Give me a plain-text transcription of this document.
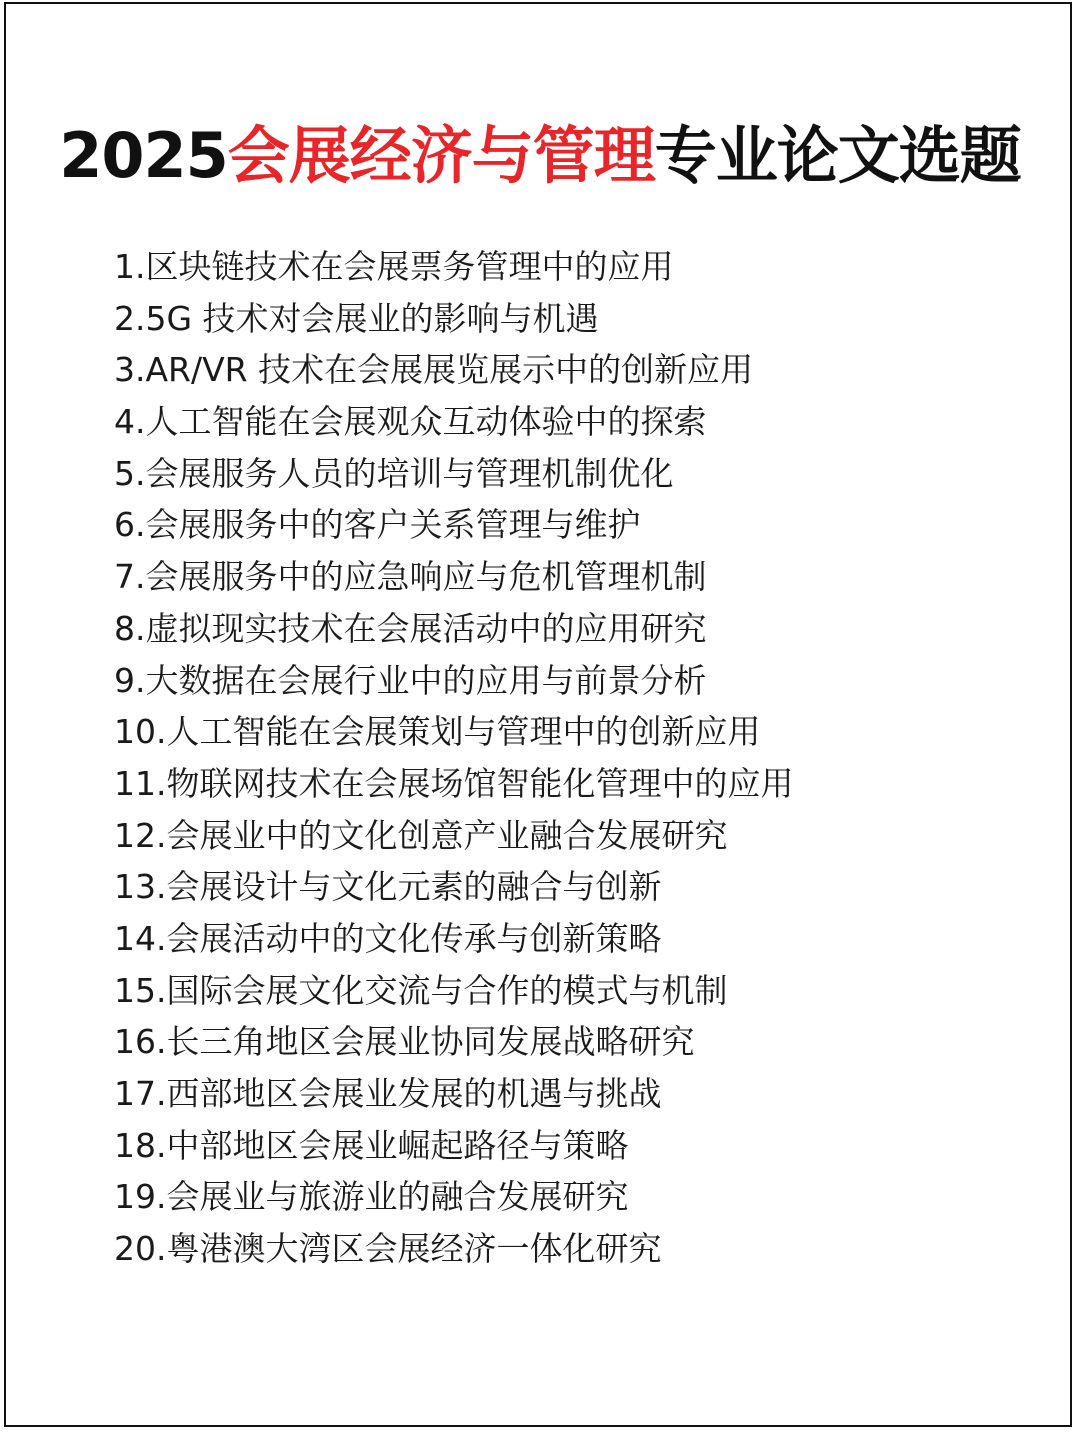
2025会展经济与管理专业论文选题
1.区块链技术在会展票务管理中的应用
2.5G 技术对会展业的影响与机遇
3.AR/VR 技术在会展展览展示中的创新应用
4.人工智能在会展观众互动体验中的探索
5.会展服务人员的培训与管理机制优化
6.会展服务中的客户关系管理与维护
7.会展服务中的应急响应与危机管理机制
8.虚拟现实技术在会展活动中的应用研究
9.大数据在会展行业中的应用与前景分析
10.人工智能在会展策划与管理中的创新应用
11.物联网技术在会展场馆智能化管理中的应用
12.会展业中的文化创意产业融合发展研究
13.会展设计与文化元素的融合与创新
14.会展活动中的文化传承与创新策略
15.国际会展文化交流与合作的模式与机制
16.长三角地区会展业协同发展战略研究
17.西部地区会展业发展的机遇与挑战
18.中部地区会展业崛起路径与策略
19.会展业与旅游业的融合发展研究
20.粤港澳大湾区会展经济一体化研究
